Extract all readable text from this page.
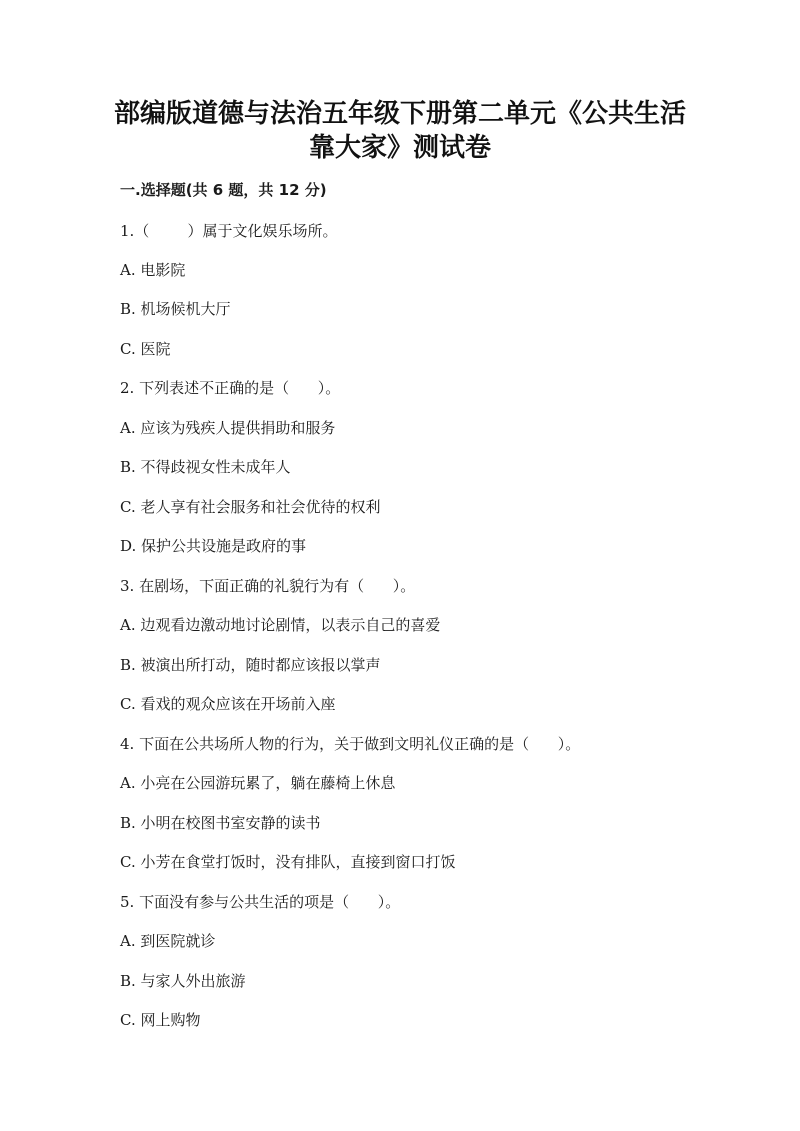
部编版道德与法治五年级下册第二单元《公共生活
靠大家》测试卷
一.选择题(共 6 题，共 12 分)
1.（        ）属于文化娱乐场所。
A. 电影院
B. 机场候机大厅
C. 医院
2. 下列表述不正确的是（      ）。
A. 应该为残疾人提供捐助和服务
B. 不得歧视女性未成年人
C. 老人享有社会服务和社会优待的权利
D. 保护公共设施是政府的事
3. 在剧场，下面正确的礼貌行为有（      ）。
A. 边观看边激动地讨论剧情，以表示自己的喜爱
B. 被演出所打动，随时都应该报以掌声
C. 看戏的观众应该在开场前入座
4. 下面在公共场所人物的行为，关于做到文明礼仪正确的是（      ）。
A. 小亮在公园游玩累了，躺在藤椅上休息
B. 小明在校图书室安静的读书
C. 小芳在食堂打饭时，没有排队，直接到窗口打饭
5. 下面没有参与公共生活的项是（      ）。
A. 到医院就诊
B. 与家人外出旅游
C. 网上购物
